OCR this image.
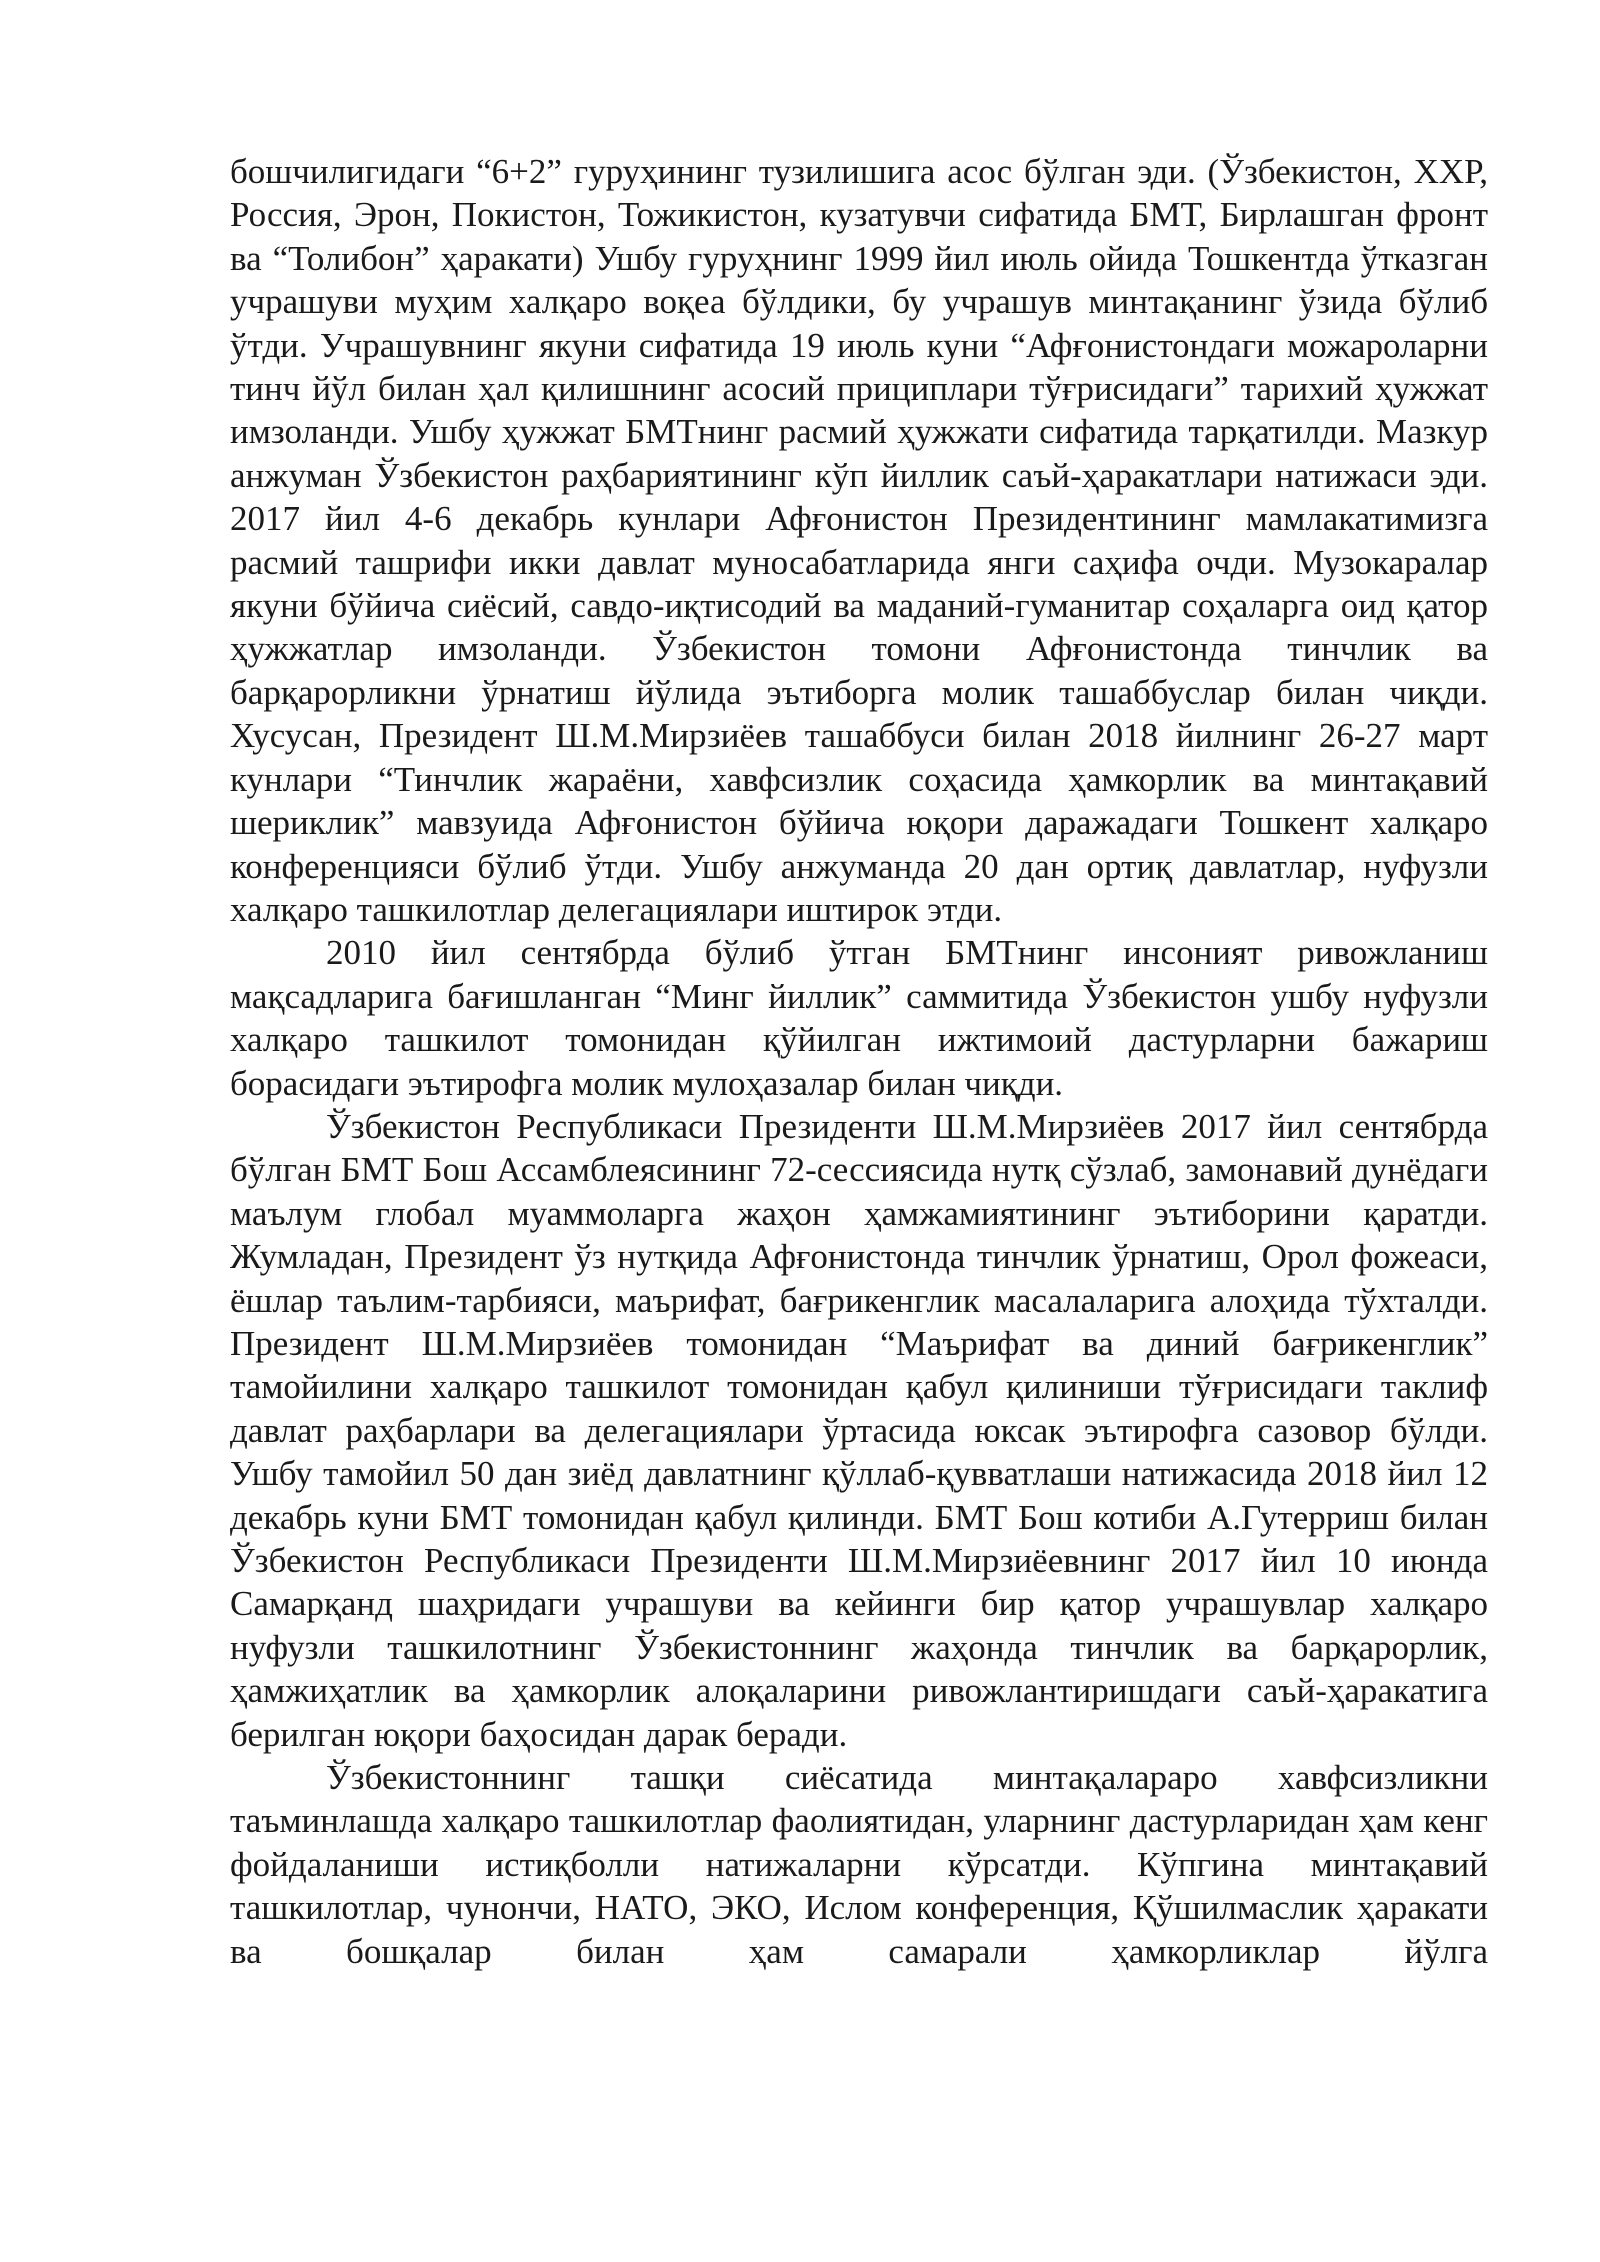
бошчилигидаги “6+2” гуруҳининг тузилишига асос бўлган эди. (Ўзбекистон, ХХР, Россия, Эрон, Покистон, Тожикистон, кузатувчи сифатида БМТ, Бирлашган фронт ва “Толибон” ҳаракати) Ушбу гуруҳнинг 1999 йил июль ойида Тошкентда ўтказган учрашуви муҳим халқаро воқеа бўлдики, бу учрашув минтақанинг ўзида бўлиб ўтди. Учрашувнинг якуни сифатида 19 июль куни “Афғонистондаги можароларни тинч йўл билан ҳал қилишнинг асосий прициплари тўғрисидаги” тарихий ҳужжат имзоланди. Ушбу ҳужжат БМТнинг расмий ҳужжати сифатида тарқатилди. Мазкур анжуман Ўзбекистон раҳбариятининг кўп йиллик саъй-ҳаракатлари натижаси эди. 2017 йил 4-6 декабрь кунлари Афғонистон Президентининг мамлакатимизга расмий ташрифи икки давлат муносабатларида янги саҳифа очди. Музокаралар якуни бўйича сиёсий, савдо-иқтисодий ва маданий-гуманитар соҳаларга оид қатор ҳужжатлар имзоланди. Ўзбекистон томони Афғонистонда тинчлик ва барқарорликни ўрнатиш йўлида эътиборга молик ташаббуслар билан чиқди. Хусусан, Президент Ш.М.Мирзиёев ташаббуси билан 2018 йилнинг 26-27 март кунлари “Тинчлик жараёни, хавфсизлик соҳасида ҳамкорлик ва минтақавий шериклик” мавзуида Афғонистон бўйича юқори даражадаги Тошкент халқаро конференцияси бўлиб ўтди. Ушбу анжуманда 20 дан ортиқ давлатлар, нуфузли халқаро ташкилотлар делегациялари иштирок этди.

2010 йил сентябрда бўлиб ўтган БМТнинг инсоният ривожланиш мақсадларига бағишланган “Минг йиллик” саммитида Ўзбекистон ушбу нуфузли халқаро ташкилот томонидан қўйилган ижтимоий дастурларни бажариш борасидаги эътирофга молик мулоҳазалар билан чиқди.

Ўзбекистон Республикаси Президенти Ш.М.Мирзиёев 2017 йил сентябрда бўлган БМТ Бош Ассамблеясининг 72-сессиясида нутқ сўзлаб, замонавий дунёдаги маълум глобал муаммоларга жаҳон ҳамжамиятининг эътиборини қаратди. Жумладан, Президент ўз нутқида Афғонистонда тинчлик ўрнатиш, Орол фожеаси, ёшлар таълим-тарбияси, маърифат, бағрикенглик масалаларига алоҳида тўхталди. Президент Ш.М.Мирзиёев томонидан “Маърифат ва диний бағрикенглик” тамойилини халқаро ташкилот томонидан қабул қилиниши тўғрисидаги таклиф давлат раҳбарлари ва делегациялари ўртасида юксак эътирофга сазовор бўлди. Ушбу тамойил 50 дан зиёд давлатнинг қўллаб-қувватлаши натижасида 2018 йил 12 декабрь куни БМТ томонидан қабул қилинди. БМТ Бош котиби А.Гутерриш билан Ўзбекистон Республикаси Президенти Ш.М.Мирзиёевнинг 2017 йил 10 июнда Самарқанд шаҳридаги учрашуви ва кейинги бир қатор учрашувлар халқаро нуфузли ташкилотнинг Ўзбекистоннинг жаҳонда тинчлик ва барқарорлик, ҳамжиҳатлик ва ҳамкорлик алоқаларини ривожлантиришдаги саъй-ҳаракатига берилган юқори баҳосидан дарак беради.

Ўзбекистоннинг ташқи сиёсатида минтақалараро хавфсизликни таъминлашда халқаро ташкилотлар фаолиятидан, уларнинг дастурларидан ҳам кенг фойдаланиши истиқболли натижаларни кўрсатди. Кўпгина минтақавий ташкилотлар, чунончи, НАТО, ЭКО, Ислом конференция, Қўшилмаслик ҳаракати ва бошқалар билан ҳам самарали ҳамкорликлар йўлга
